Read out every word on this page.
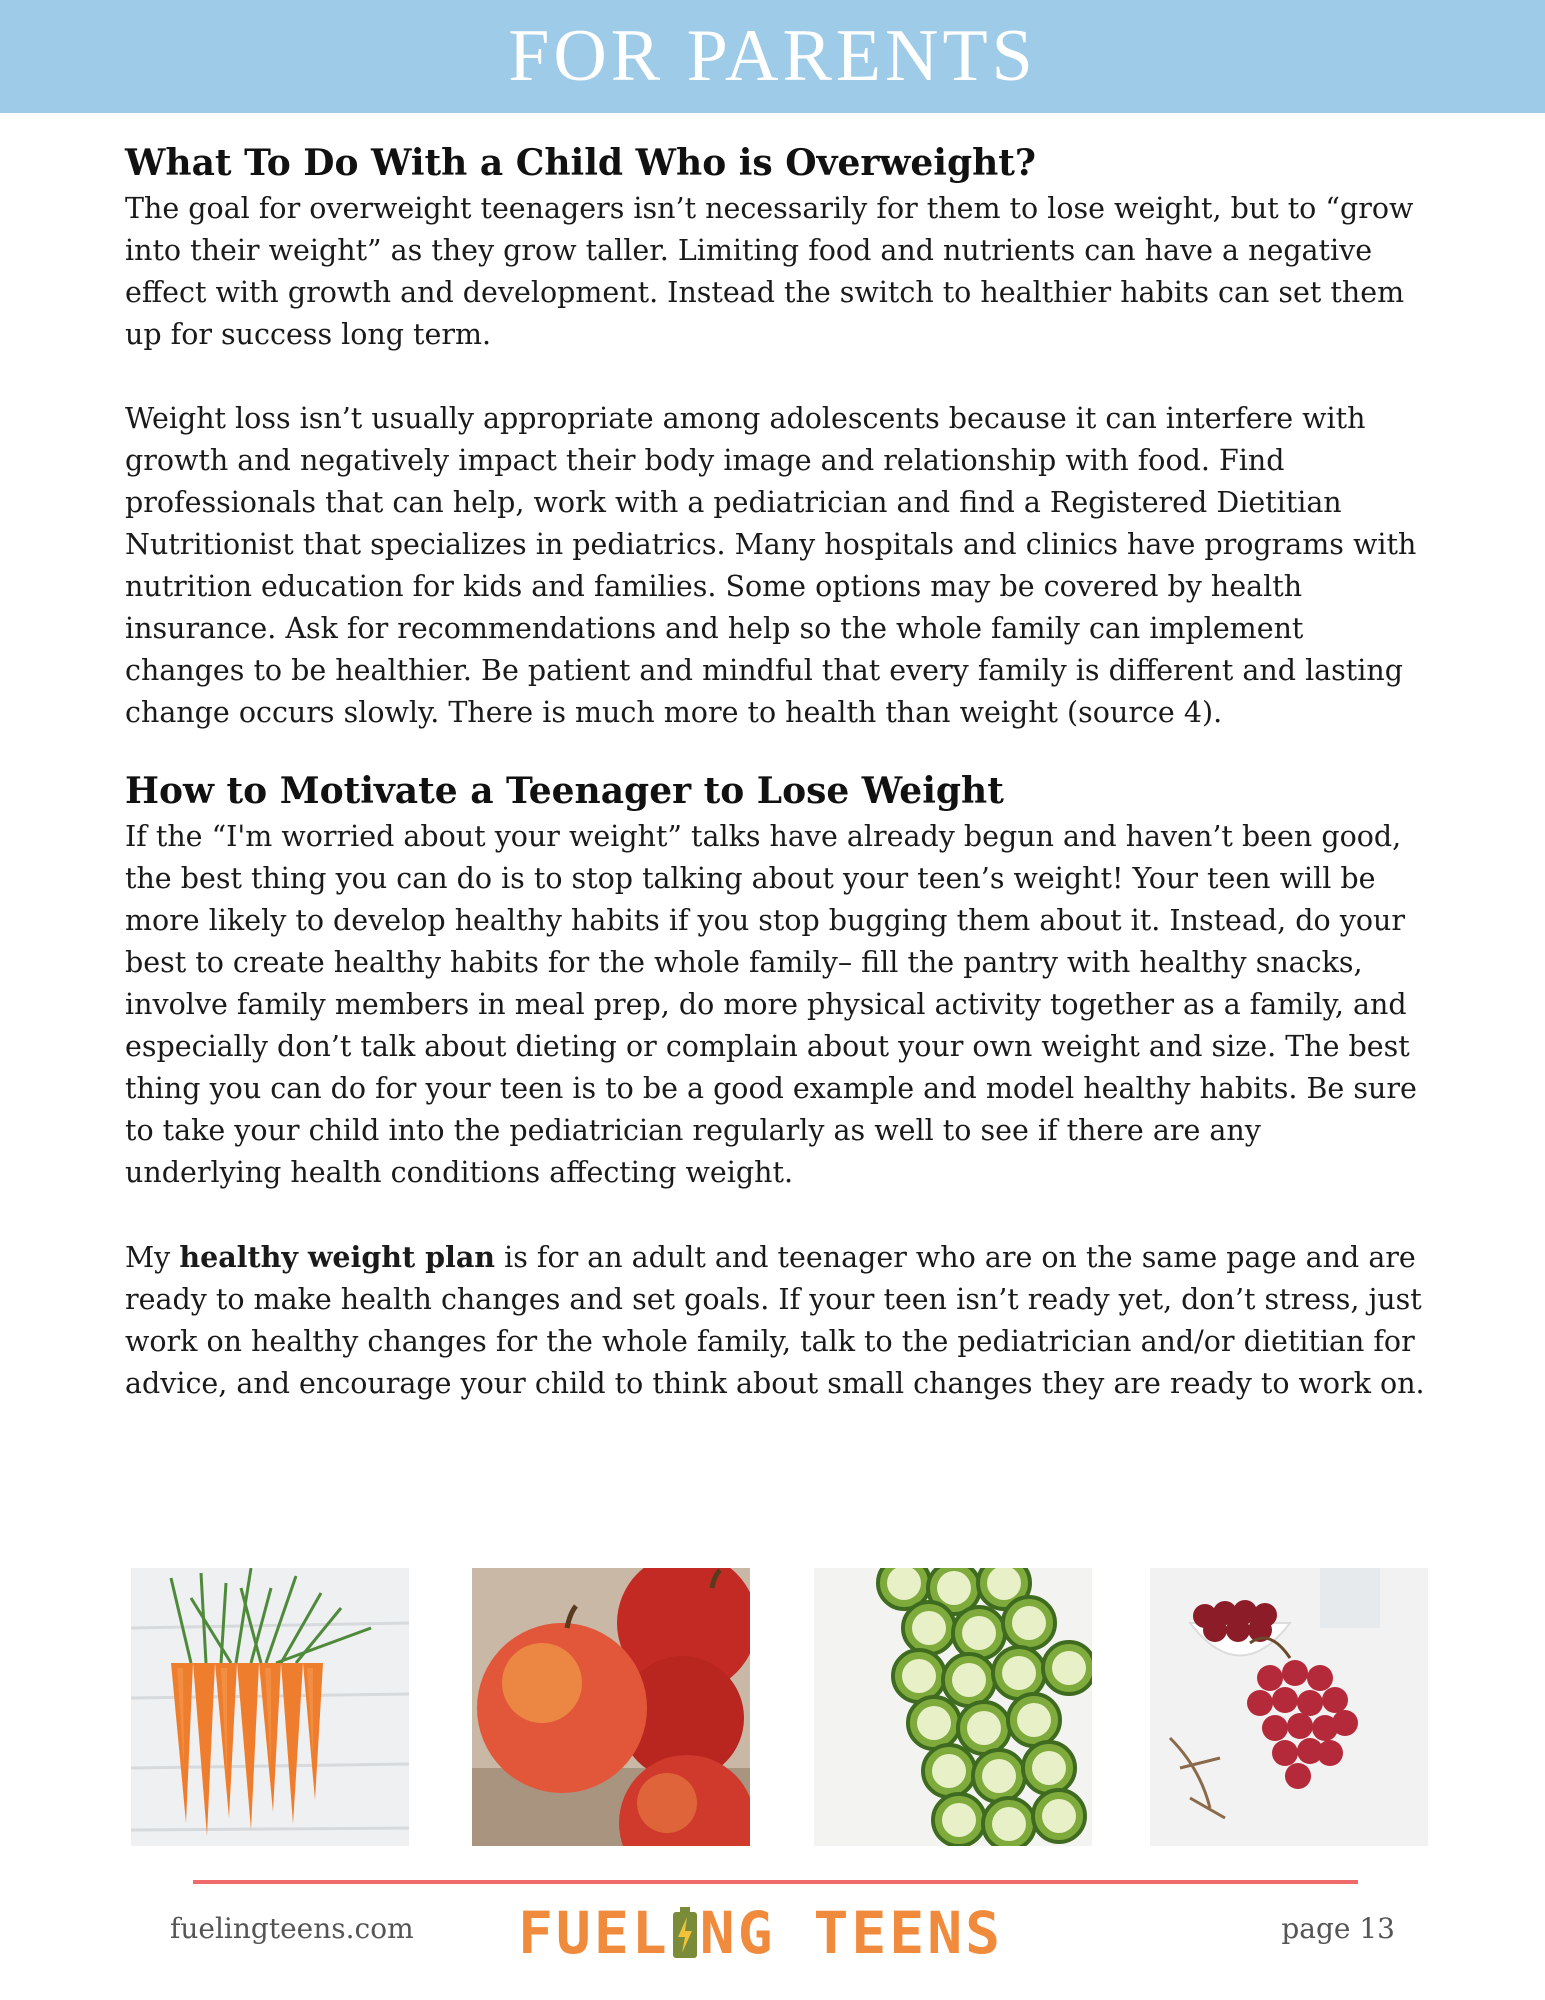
FOR PARENTS
What To Do With a Child Who is Overweight?

The goal for overweight teenagers isn’t necessarily for them to lose weight, but to “grow into their weight” as they grow taller. Limiting food and nutrients can have a negative effect with growth and development. Instead the switch to healthier habits can set them up for success long term.

Weight loss isn’t usually appropriate among adolescents because it can interfere with growth and negatively impact their body image and relationship with food. Find professionals that can help, work with a pediatrician and find a Registered Dietitian Nutritionist that specializes in pediatrics. Many hospitals and clinics have programs with nutrition education for kids and families. Some options may be covered by health insurance. Ask for recommendations and help so the whole family can implement changes to be healthier. Be patient and mindful that every family is different and lasting change occurs slowly. There is much more to health than weight (source 4).

How to Motivate a Teenager to Lose Weight

If the “I'm worried about your weight” talks have already begun and haven’t been good, the best thing you can do is to stop talking about your teen’s weight! Your teen will be more likely to develop healthy habits if you stop bugging them about it. Instead, do your best to create healthy habits for the whole family– fill the pantry with healthy snacks, involve family members in meal prep, do more physical activity together as a family, and especially don’t talk about dieting or complain about your own weight and size. The best thing you can do for your teen is to be a good example and model healthy habits. Be sure to take your child into the pediatrician regularly as well to see if there are any underlying health conditions affecting weight.

My healthy weight plan is for an adult and teenager who are on the same page and are ready to make health changes and set goals. If your teen isn’t ready yet, don’t stress, just work on healthy changes for the whole family, talk to the pediatrician and/or dietitian for advice, and encourage your child to think about small changes they are ready to work on.

fuelingteens.com FUEL NG TEENS	page 13
